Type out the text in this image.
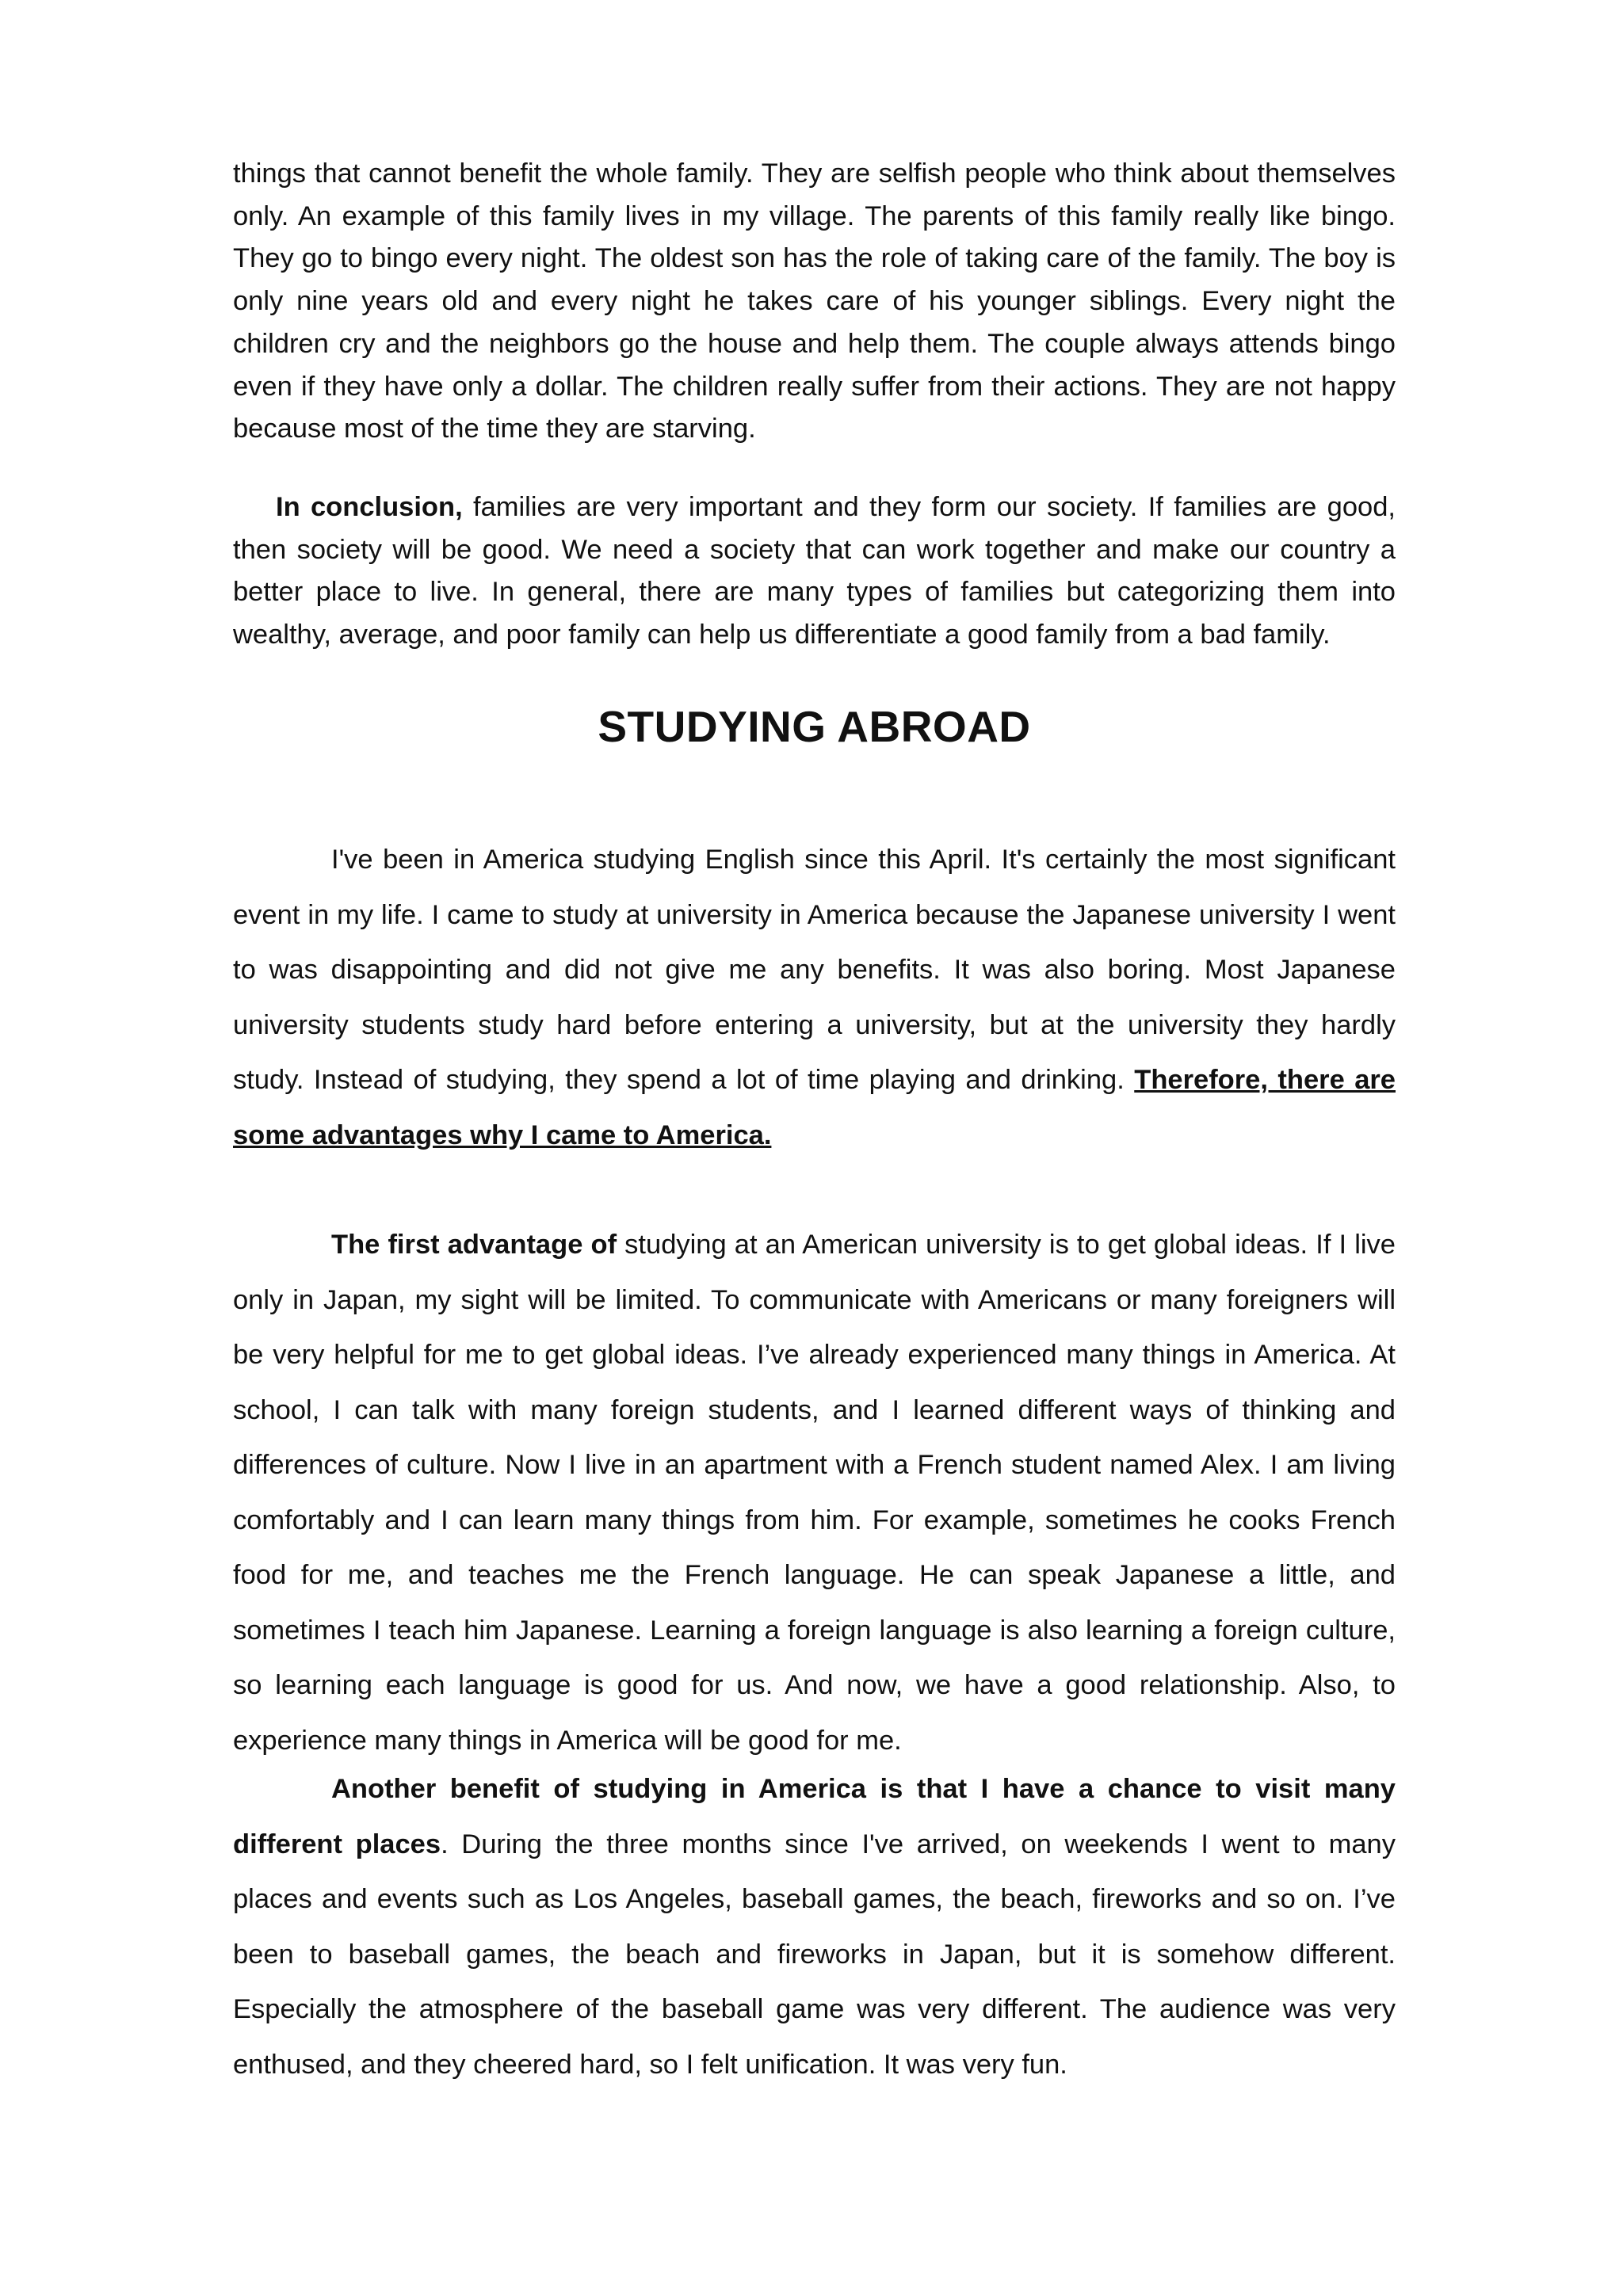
things that cannot benefit the whole family. They are selfish people who think about themselves only. An example of this family lives in my village. The parents of this family really like bingo. They go to bingo every night. The oldest son has the role of taking care of the family. The boy is only nine years old and every night he takes care of his younger siblings. Every night the children cry and the neighbors go the house and help them. The couple always attends bingo even if they have only a dollar. The children really suffer from their actions. They are not happy because most of the time they are starving.

In conclusion, families are very important and they form our society. If families are good, then society will be good. We need a society that can work together and make our country a better place to live. In general, there are many types of families but categorizing them into wealthy, average, and poor family can help us differentiate a good family from a bad family.

STUDYING ABROAD

I've been in America studying English since this April. It's certainly the most significant event in my life. I came to study at university in America because the Japanese university I went to was disappointing and did not give me any benefits. It was also boring. Most Japanese university students study hard before entering a university, but at the university they hardly study. Instead of studying, they spend a lot of time playing and drinking. Therefore, there are some advantages why I came to America.

The first advantage of studying at an American university is to get global ideas. If I live only in Japan, my sight will be limited. To communicate with Americans or many foreigners will be very helpful for me to get global ideas. I’ve already experienced many things in America. At school, I can talk with many foreign students, and I learned different ways of thinking and differences of culture. Now I live in an apartment with a French student named Alex. I am living comfortably and I can learn many things from him. For example, sometimes he cooks French food for me, and teaches me the French language. He can speak Japanese a little, and sometimes I teach him Japanese. Learning a foreign language is also learning a foreign culture, so learning each language is good for us. And now, we have a good relationship. Also, to experience many things in America will be good for me.

Another benefit of studying in America is that I have a chance to visit many different places. During the three months since I've arrived, on weekends I went to many places and events such as Los Angeles, baseball games, the beach, fireworks and so on. I’ve been to baseball games, the beach and fireworks in Japan, but it is somehow different. Especially the atmosphere of the baseball game was very different. The audience was very enthused, and they cheered hard, so I felt unification. It was very fun.
